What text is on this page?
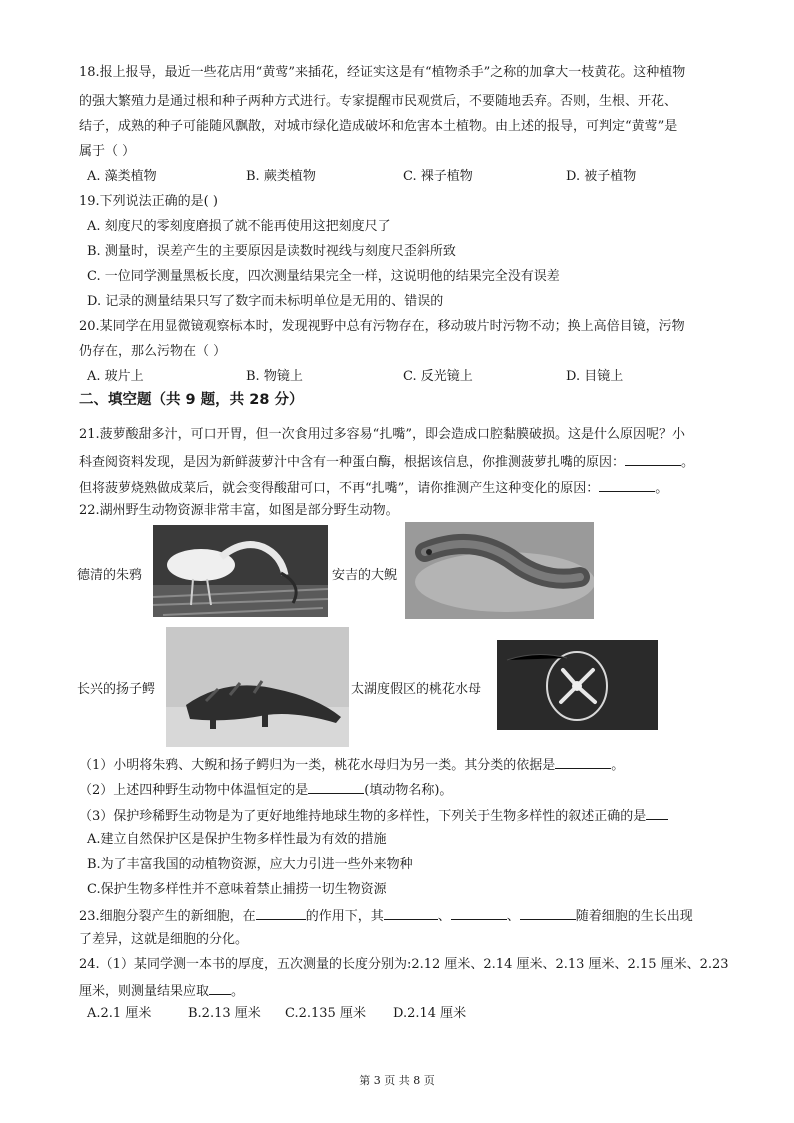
18.报上报导，最近一些花店用“黄莺”来插花，经证实这是有“植物杀手”之称的加拿大一枝黄花。这种植物
的强大繁殖力是通过根和种子两种方式进行。专家提醒市民观赏后，不要随地丢弃。否则，生根、开花、
结子，成熟的种子可能随风飘散，对城市绿化造成破坏和危害本土植物。由上述的报导，可判定“黄莺”是
属于（ ）
A. 藻类植物	B. 蕨类植物	C. 裸子植物	D. 被子植物
19.下列说法正确的是( )
A. 刻度尺的零刻度磨损了就不能再使用这把刻度尺了
B. 测量时，误差产生的主要原因是读数时视线与刻度尺歪斜所致
C. 一位同学测量黑板长度，四次测量结果完全一样，这说明他的结果完全没有误差
D. 记录的测量结果只写了数字而未标明单位是无用的、错误的
20.某同学在用显微镜观察标本时，发现视野中总有污物存在，移动玻片时污物不动；换上高倍目镜，污物
仍存在，那么污物在（ ）
A. 玻片上	B. 物镜上	C. 反光镜上	D. 目镜上
二、填空题（共 9 题，共 28 分）
21.菠萝酸甜多汁，可口开胃，但一次食用过多容易“扎嘴”，即会造成口腔黏膜破损。这是什么原因呢？小
科查阅资料发现，是因为新鲜菠萝汁中含有一种蛋白酶，根据该信息，你推测菠萝扎嘴的原因：	。
但将菠萝烧熟做成菜后，就会变得酸甜可口，不再“扎嘴”，请你推测产生这种变化的原因：	。
22.湖州野生动物资源非常丰富，如图是部分野生动物。
德清的朱鸦	安吉的大鲵
长兴的扬子鳄	太湖度假区的桃花水母
（1）小明将朱鸦、大鲵和扬子鳄归为一类，桃花水母归为另一类。其分类的依据是	。
（2）上述四种野生动物中体温恒定的是	(填动物名称)。
（3）保护珍稀野生动物是为了更好地维持地球生物的多样性，下列关于生物多样性的叙述正确的是
A.建立自然保护区是保护生物多样性最为有效的措施
B.为了丰富我国的动植物资源，应大力引进一些外来物种
C.保护生物多样性并不意味着禁止捕捞一切生物资源
23.细胞分裂产生的新细胞，在	的作用下，其	、	、	随着细胞的生长出现
了差异，这就是细胞的分化。
24.（1）某同学测一本书的厚度，五次测量的长度分别为:2.12 厘米、2.14 厘米、2.13 厘米、2.15 厘米、2.23
厘米，则测量结果应取 。
A.2.1 厘米	B.2.13 厘米 C.2.135 厘米 D.2.14 厘米
第 3 页 共 8 页
